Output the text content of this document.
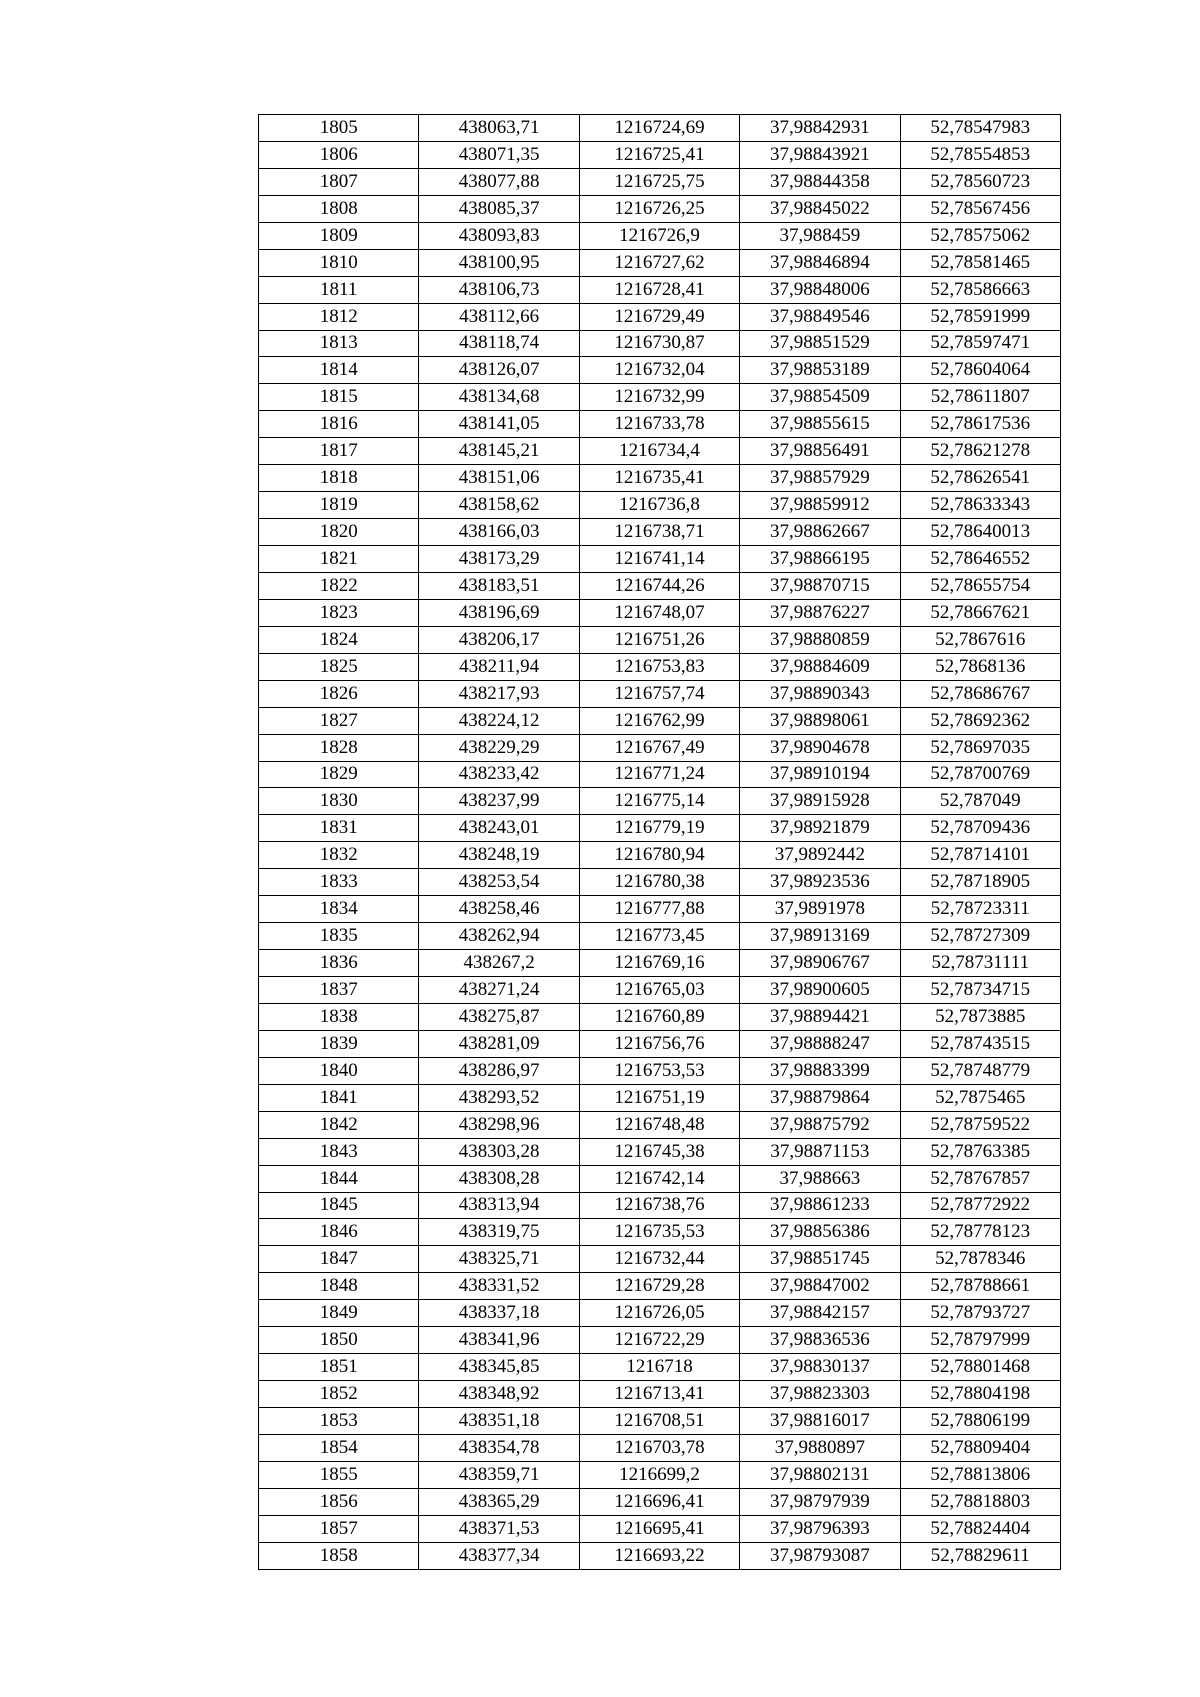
1805	438063,71	1216724,69	37,98842931	52,78547983
1806	438071,35	1216725,41	37,98843921	52,78554853
1807	438077,88	1216725,75	37,98844358	52,78560723
1808	438085,37	1216726,25	37,98845022	52,78567456
1809	438093,83	1216726,9	37,988459	52,78575062
1810	438100,95	1216727,62	37,98846894	52,78581465
1811	438106,73	1216728,41	37,98848006	52,78586663
1812	438112,66	1216729,49	37,98849546	52,78591999
1813	438118,74	1216730,87	37,98851529	52,78597471
1814	438126,07	1216732,04	37,98853189	52,78604064
1815	438134,68	1216732,99	37,98854509	52,78611807
1816	438141,05	1216733,78	37,98855615	52,78617536
1817	438145,21	1216734,4	37,98856491	52,78621278
1818	438151,06	1216735,41	37,98857929	52,78626541
1819	438158,62	1216736,8	37,98859912	52,78633343
1820	438166,03	1216738,71	37,98862667	52,78640013
1821	438173,29	1216741,14	37,98866195	52,78646552
1822	438183,51	1216744,26	37,98870715	52,78655754
1823	438196,69	1216748,07	37,98876227	52,78667621
1824	438206,17	1216751,26	37,98880859	52,7867616
1825	438211,94	1216753,83	37,98884609	52,7868136
1826	438217,93	1216757,74	37,98890343	52,78686767
1827	438224,12	1216762,99	37,98898061	52,78692362
1828	438229,29	1216767,49	37,98904678	52,78697035
1829	438233,42	1216771,24	37,98910194	52,78700769
1830	438237,99	1216775,14	37,98915928	52,787049
1831	438243,01	1216779,19	37,98921879	52,78709436
1832	438248,19	1216780,94	37,9892442	52,78714101
1833	438253,54	1216780,38	37,98923536	52,78718905
1834	438258,46	1216777,88	37,9891978	52,78723311
1835	438262,94	1216773,45	37,98913169	52,78727309
1836	438267,2	1216769,16	37,98906767	52,78731111
1837	438271,24	1216765,03	37,98900605	52,78734715
1838	438275,87	1216760,89	37,98894421	52,7873885
1839	438281,09	1216756,76	37,98888247	52,78743515
1840	438286,97	1216753,53	37,98883399	52,78748779
1841	438293,52	1216751,19	37,98879864	52,7875465
1842	438298,96	1216748,48	37,98875792	52,78759522
1843	438303,28	1216745,38	37,98871153	52,78763385
1844	438308,28	1216742,14	37,988663	52,78767857
1845	438313,94	1216738,76	37,98861233	52,78772922
1846	438319,75	1216735,53	37,98856386	52,78778123
1847	438325,71	1216732,44	37,98851745	52,7878346
1848	438331,52	1216729,28	37,98847002	52,78788661
1849	438337,18	1216726,05	37,98842157	52,78793727
1850	438341,96	1216722,29	37,98836536	52,78797999
1851	438345,85	1216718	37,98830137	52,78801468
1852	438348,92	1216713,41	37,98823303	52,78804198
1853	438351,18	1216708,51	37,98816017	52,78806199
1854	438354,78	1216703,78	37,9880897	52,78809404
1855	438359,71	1216699,2	37,98802131	52,78813806
1856	438365,29	1216696,41	37,98797939	52,78818803
1857	438371,53	1216695,41	37,98796393	52,78824404
1858	438377,34	1216693,22	37,98793087	52,78829611
